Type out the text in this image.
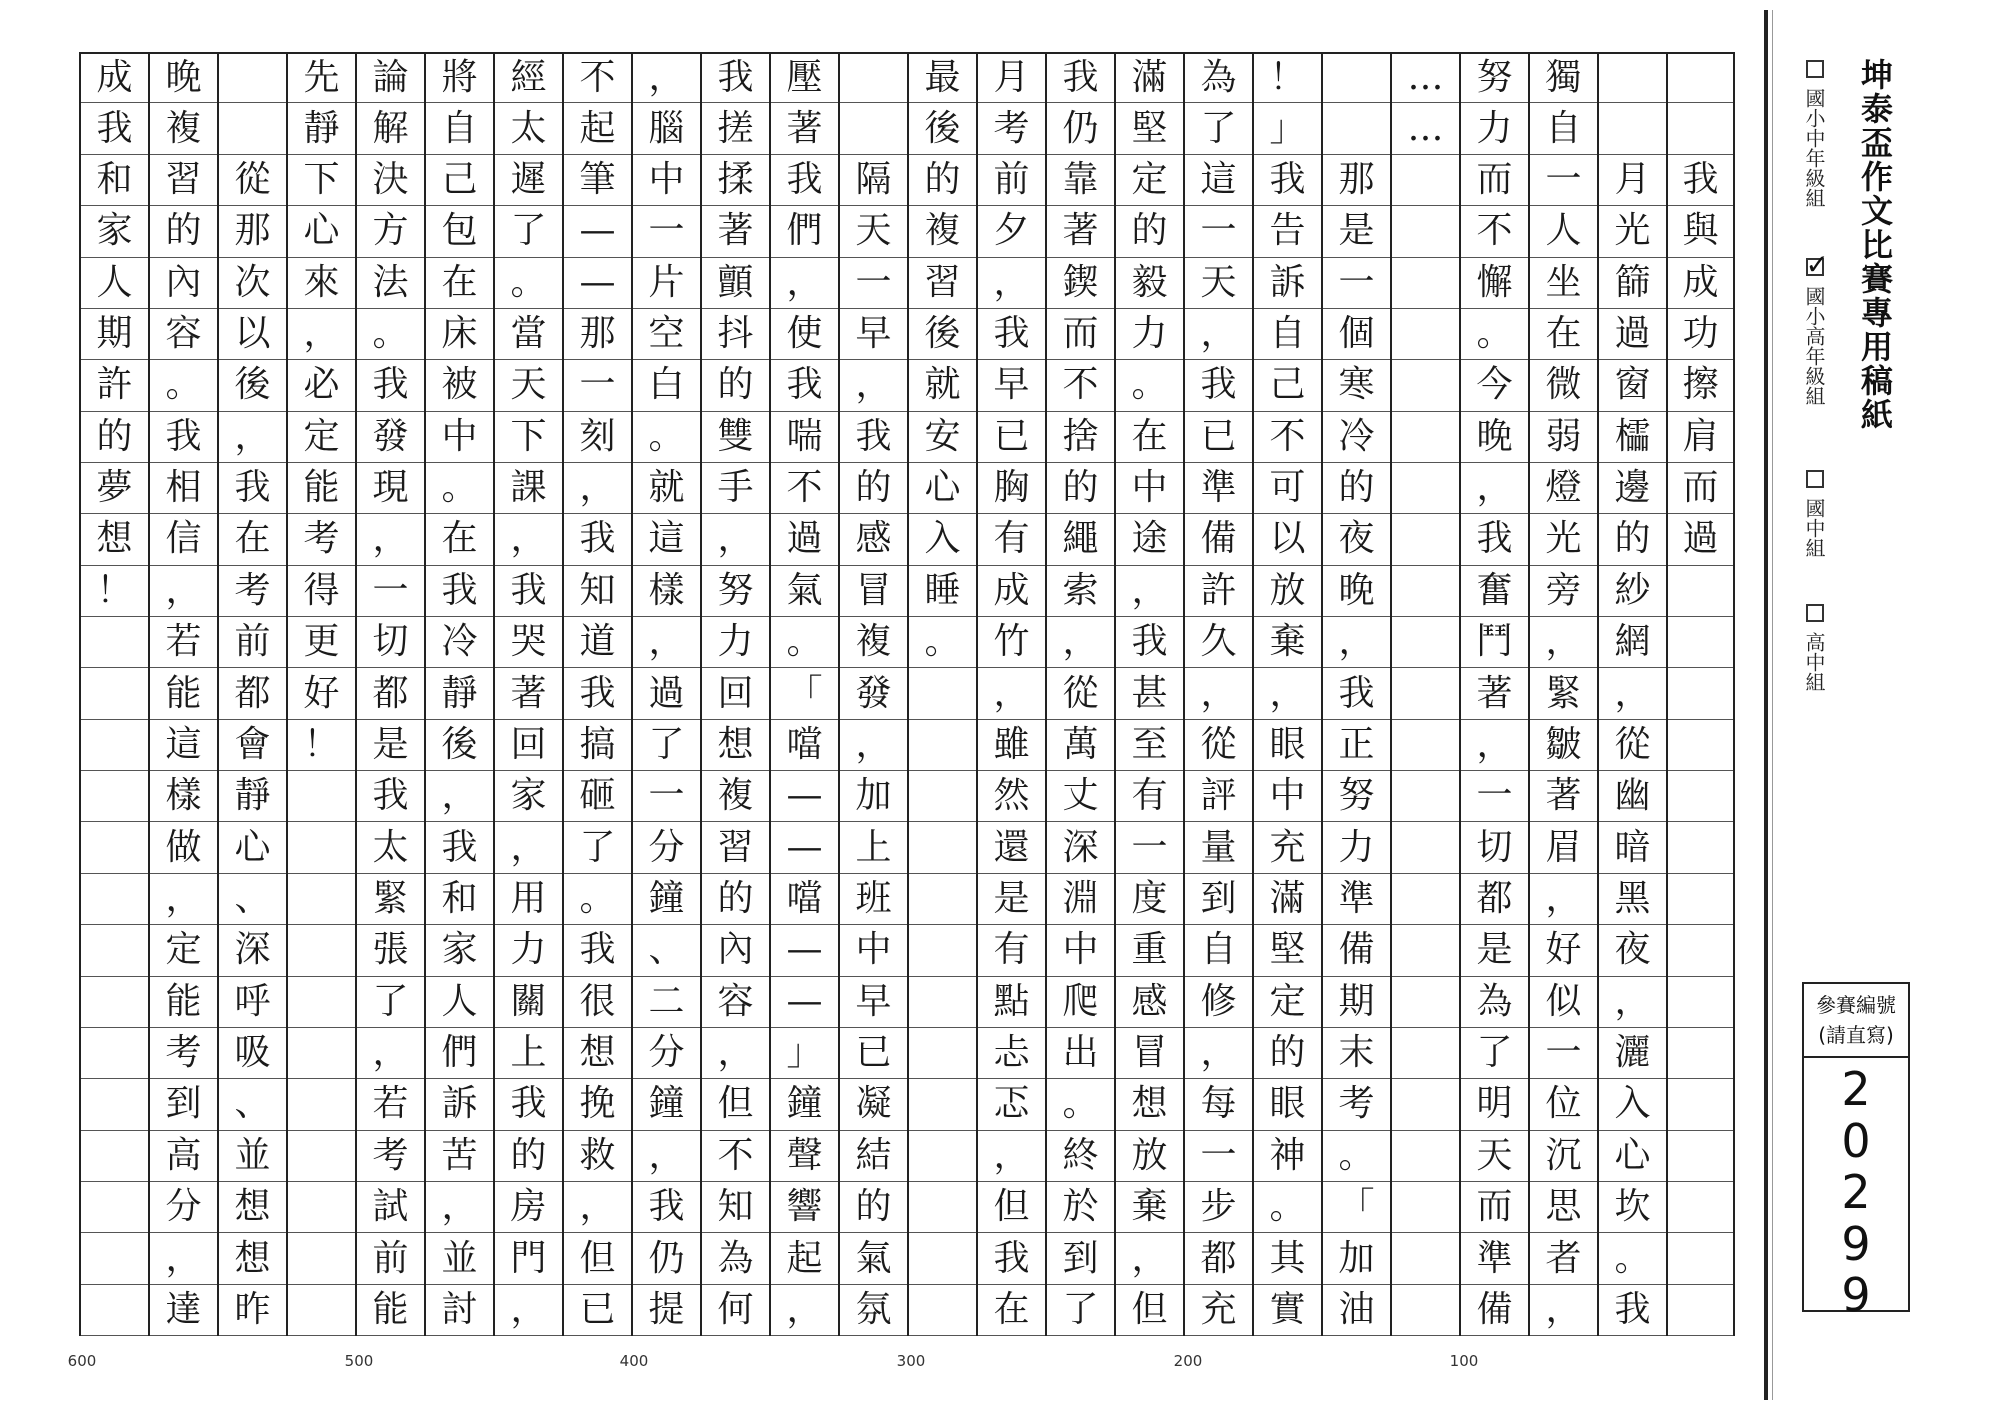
我
與
成
功
擦
肩
而
過
月
光
篩
過
窗
櫺
邊
的
紗
網
，
從
幽
暗
黑
夜
，
灑
入
心
坎
。
我
獨
自
一
人
坐
在
微
弱
燈
光
旁
，
緊
皺
著
眉
，
好
似
一
位
沉
思
者
，
努
力
而
不
懈
。
今
晚
，
我
奮
鬥
著
，
一
切
都
是
為
了
明
天
而
準
備
…
…
那
是
一
個
寒
冷
的
夜
晚
，
我
正
努
力
準
備
期
末
考
。
「
加
油
！
」
我
告
訴
自
己
不
可
以
放
棄
，
眼
中
充
滿
堅
定
的
眼
神
。
其
實
為
了
這
一
天
，
我
已
準
備
許
久
，
從
評
量
到
自
修
，
每
一
步
都
充
滿
堅
定
的
毅
力
。
在
中
途
，
我
甚
至
有
一
度
重
感
冒
想
放
棄
，
但
我
仍
靠
著
鍥
而
不
捨
的
繩
索
，
從
萬
丈
深
淵
中
爬
出
。
終
於
到
了
月
考
前
夕
，
我
早
已
胸
有
成
竹
，
雖
然
還
是
有
點
忐
忑
，
但
我
在
最
後
的
複
習
後
就
安
心
入
睡
。
隔
天
一
早
，
我
的
感
冒
複
發
，
加
上
班
中
早
已
凝
結
的
氣
氛
壓
著
我
們
，
使
我
喘
不
過
氣
。
「
噹
—
—
噹
—
—
」
鐘
聲
響
起
，
我
搓
揉
著
顫
抖
的
雙
手
，
努
力
回
想
複
習
的
內
容
，
但
不
知
為
何
，
腦
中
一
片
空
白
。
就
這
樣
，
過
了
一
分
鐘
、
二
分
鐘
，
我
仍
提
不
起
筆
—
—
那
一
刻
，
我
知
道
我
搞
砸
了
。
我
很
想
挽
救
，
但
已
經
太
遲
了
。
當
天
下
課
，
我
哭
著
回
家
，
用
力
關
上
我
的
房
門
，
將
自
己
包
在
床
被
中
。
在
我
冷
靜
後
，
我
和
家
人
們
訴
苦
，
並
討
論
解
決
方
法
。
我
發
現
，
一
切
都
是
我
太
緊
張
了
，
若
考
試
前
能
先
靜
下
心
來
，
必
定
能
考
得
更
好
！
從
那
次
以
後
，
我
在
考
前
都
會
靜
心
、
深
呼
吸
、
並
想
想
昨
晚
複
習
的
內
容
。
我
相
信
，
若
能
這
樣
做
，
定
能
考
到
高
分
，
達
成
我
和
家
人
期
許
的
夢
想
！
600	500	400	300	200	100
坤泰盃作文比賽專用稿紙
國小中年級組
✓
國小高年級組
國中組
高中組
參賽編號
(請直寫)
2
0
2
9
9
